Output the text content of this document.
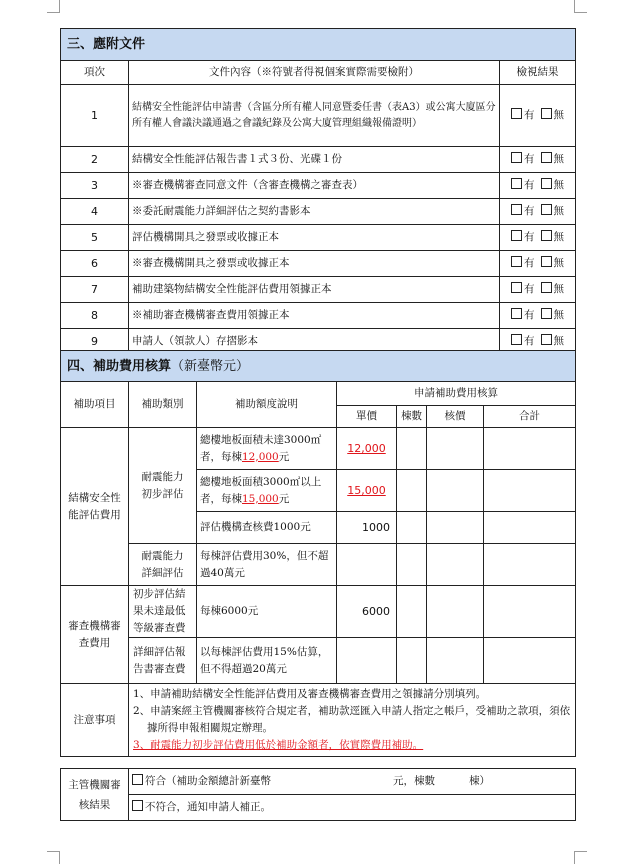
三、應附文件		
項次	文件內容（※符號者得視個案實際需要檢附）	檢視結果
1	結構安全性能評估申請書（含區分所有權人同意暨委任書（表A3）或公寓大廈區分所有權人會議決議通過之會議紀錄及公寓大廈管理組織報備證明）	有 無
2	結構安全性能評估報告書１式３份、光碟１份	有 無
3	※審查機構審查同意文件（含審查機構之審查表）	有 無
4	※委託耐震能力詳細評估之契約書影本	有 無
5	評估機構開具之發票或收據正本	有 無
6	※審查機構開具之發票或收據正本	有 無
7	補助建築物結構安全性能評估費用領據正本	有 無
8	※補助審查機構審查費用領據正本	有 無
9	申請人（領款人）存摺影本	有 無
四、補助費用核算（新臺幣元）						
補助項目	補助類別	補助額度說明	申請補助費用核算			
			單價	棟數	核價	合計
結構安全性能評估費用	耐震能力初步評估	總樓地板面積未達3000㎡者，每棟12,000元	12,000			
		總樓地板面積3000㎡以上者，每棟15,000元	15,000			
		評估機構查核費1000元	1000			
	耐震能力詳細評估	每棟評估費用30%，但不超過40萬元				
審查機構審查費用	初步評估結果未達最低等級審查費	每棟6000元	6000			
	詳細評估報告書審查費	以每棟評估費用15%估算，但不得超過20萬元				
注意事項	1、申請補助結構安全性能評估費用及審查機構審查費用之領據請分別填列。
2、申請案經主管機關審核符合規定者，補助款逕匯入申請人指定之帳戶，受補助之款項，須依據所得申報相關規定辦理。
3、耐震能力初步評估費用低於補助金額者，依實際費用補助。					
主管機關審核結果	符合（補助金額總計新臺幣	元，棟數	棟）
不符合，通知申請人補正。
